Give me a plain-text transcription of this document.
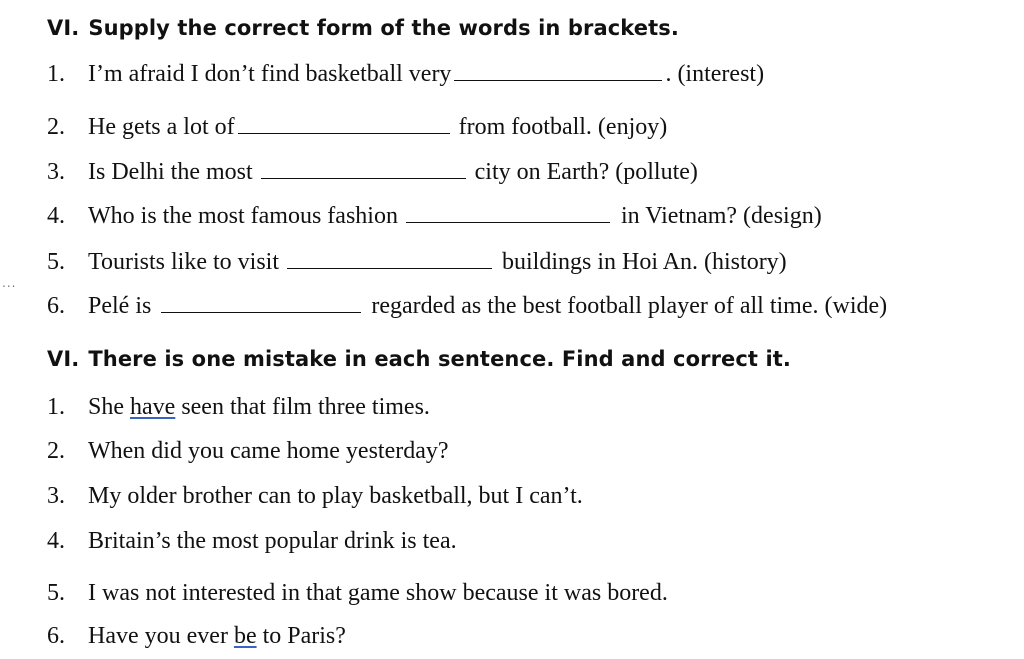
...
VI. Supply the correct form of the words in brackets.
1. I’m afraid I don’t find basketball very	. (interest)
2. He gets a lot of	from football. (enjoy)
3. Is Delhi the most	city on Earth? (pollute)
4. Who is the most famous fashion	in Vietnam? (design)
5. Tourists like to visit	buildings in Hoi An. (history)
6. Pelé is	regarded as the best football player of all time. (wide)
VI. There is one mistake in each sentence. Find and correct it.
1. She have seen that film three times.
2. When did you came home yesterday?
3. My older brother can to play basketball, but I can’t.
4. Britain’s the most popular drink is tea.
5. I was not interested in that game show because it was bored.
6. Have you ever be to Paris?
